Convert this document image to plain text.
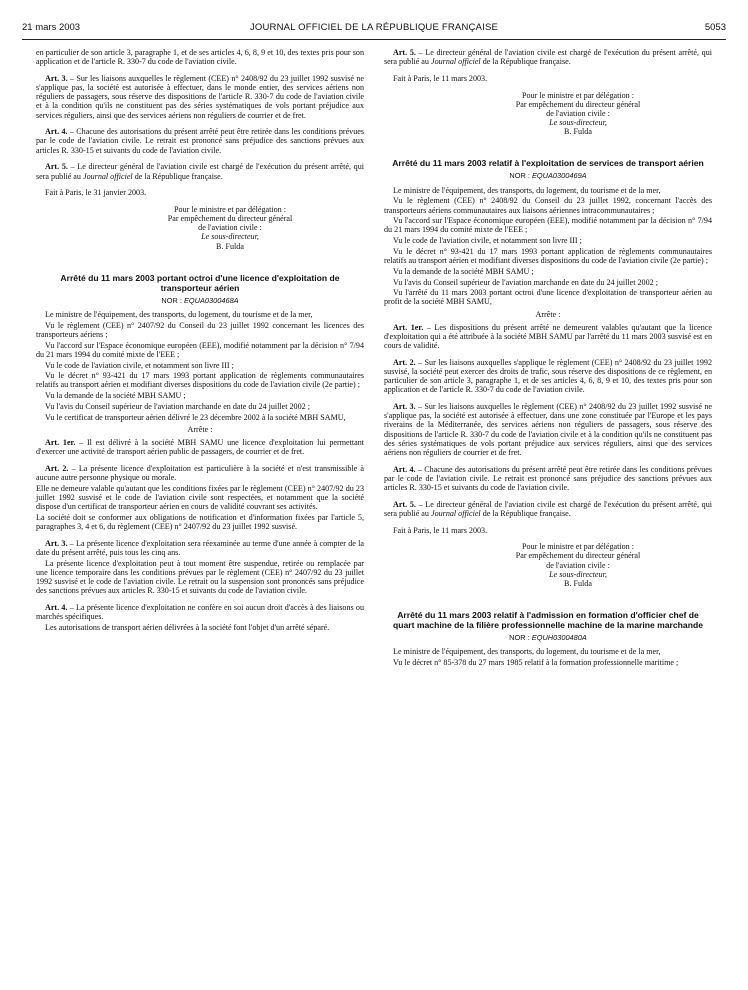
21 mars 2003	JOURNAL OFFICIEL DE LA RÉPUBLIQUE FRANÇAISE	5053

en particulier de son article 3, paragraphe 1, et de ses articles 4, 6, 8, 9 et 10, des textes pris pour son application et de l'article R. 330-7 du code de l'aviation civile.

Art. 3. – Sur les liaisons auxquelles le règlement (CEE) n° 2408/92 du 23 juillet 1992 susvisé ne s'applique pas, la société est autorisée à effectuer, dans le monde entier, des services aériens non réguliers de passagers, sous réserve des dispositions de l'article R. 330-7 du code de l'aviation civile et à la condition qu'ils ne constituent pas des séries systématiques de vols portant préjudice aux services réguliers, ainsi que des services aériens non réguliers de courrier et de fret.

Art. 4. – Chacune des autorisations du présent arrêté peut être retirée dans les conditions prévues par le code de l'aviation civile. Le retrait est prononcé sans préjudice des sanctions prévues aux articles R. 330-15 et suivants du code de l'aviation civile.

Art. 5. – Le directeur général de l'aviation civile est chargé de l'exécution du présent arrêté, qui sera publié au Journal officiel de la République française.

Fait à Paris, le 31 janvier 2003.

Pour le ministre et par délégation :
Par empêchement du directeur général
de l'aviation civile :
Le sous-directeur,
B. Fulda
Arrêté du 11 mars 2003 portant octroi d'une licence d'exploitation de transporteur aérien
NOR : EQUA0300468A

Le ministre de l'équipement, des transports, du logement, du tourisme et de la mer,

Vu le règlement (CEE) n° 2407/92 du Conseil du 23 juillet 1992 concernant les licences des transporteurs aériens ;

Vu l'accord sur l'Espace économique européen (EEE), modifié notamment par la décision n° 7/94 du 21 mars 1994 du comité mixte de l'EEE ;

Vu le code de l'aviation civile, et notamment son livre III ;

Vu le décret n° 93-421 du 17 mars 1993 portant application de règlements communautaires relatifs au transport aérien et modifiant diverses dispositions du code de l'aviation civile (2e partie) ;

Vu la demande de la société MBH SAMU ;

Vu l'avis du Conseil supérieur de l'aviation marchande en date du 24 juillet 2002 ;

Vu le certificat de transporteur aérien délivré le 23 décembre 2002 à la société MBH SAMU,

Arrête :

Art. 1er. – Il est délivré à la société MBH SAMU une licence d'exploitation lui permettant d'exercer une activité de transport aérien public de passagers, de courrier et de fret.

Art. 2. – La présente licence d'exploitation est particulière à la société et n'est transmissible à aucune autre personne physique ou morale.

Elle ne demeure valable qu'autant que les conditions fixées par le règlement (CEE) n° 2407/92 du 23 juillet 1992 susvisé et le code de l'aviation civile sont respectées, et notamment que la société dispose d'un certificat de transporteur aérien en cours de validité couvrant ses activités.

La société doit se conformer aux obligations de notification et d'information fixées par l'article 5, paragraphes 3, 4 et 6, du règlement (CEE) n° 2407/92 du 23 juillet 1992 susvisé.

Art. 3. – La présente licence d'exploitation sera réexaminée au terme d'une année à compter de la date du présent arrêté, puis tous les cinq ans.

La présente licence d'exploitation peut à tout moment être suspendue, retirée ou remplacée par une licence temporaire dans les conditions prévues par le règlement (CEE) n° 2407/92 du 23 juillet 1992 susvisé et le code de l'aviation civile. Le retrait ou la suspension sont prononcés sans préjudice des sanctions prévues aux articles R. 330-15 et suivants du code de l'aviation civile.

Art. 4. – La présente licence d'exploitation ne confère en soi aucun droit d'accès à des liaisons ou marchés spécifiques.

Les autorisations de transport aérien délivrées à la société font l'objet d'un arrêté séparé.

Art. 5. – Le directeur général de l'aviation civile est chargé de l'exécution du présent arrêté, qui sera publié au Journal officiel de la République française.

Fait à Paris, le 11 mars 2003.

Pour le ministre et par délégation :
Par empêchement du directeur général
de l'aviation civile :
Le sous-directeur,
B. Fulda
Arrêté du 11 mars 2003 relatif à l'exploitation de services de transport aérien
NOR : EQUA0300469A

Le ministre de l'équipement, des transports, du logement, du tourisme et de la mer,

Vu le règlement (CEE) n° 2408/92 du Conseil du 23 juillet 1992, concernant l'accès des transporteurs aériens communautaires aux liaisons aériennes intracommunautaires ;

Vu l'accord sur l'Espace économique européen (EEE), modifié notamment par la décision n° 7/94 du 21 mars 1994 du comité mixte de l'EEE ;

Vu le code de l'aviation civile, et notamment son livre III ;

Vu le décret n° 93-421 du 17 mars 1993 portant application de règlements communautaires relatifs au transport aérien et modifiant diverses dispositions du code de l'aviation civile (2e partie) ;

Vu la demande de la société MBH SAMU ;

Vu l'avis du Conseil supérieur de l'aviation marchande en date du 24 juillet 2002 ;

Vu l'arrêté du 11 mars 2003 portant octroi d'une licence d'exploitation de transporteur aérien au profit de la société MBH SAMU,

Arrête :

Art. 1er. – Les dispositions du présent arrêté ne demeurent valables qu'autant que la licence d'exploitation qui a été attribuée à la société MBH SAMU par l'arrêté du 11 mars 2003 susvisé est en cours de validité.

Art. 2. – Sur les liaisons auxquelles s'applique le règlement (CEE) n° 2408/92 du 23 juillet 1992 susvisé, la société peut exercer des droits de trafic, sous réserve des dispositions de ce règlement, en particulier de son article 3, paragraphe 1, et de ses articles 4, 6, 8, 9 et 10, des textes pris pour son application et de l'article R. 330-7 du code de l'aviation civile.

Art. 3. – Sur les liaisons auxquelles le règlement (CEE) n° 2408/92 du 23 juillet 1992 susvisé ne s'applique pas, la société est autorisée à effectuer, dans une zone constituée par l'Europe et les pays riverains de la Méditerranée, des services aériens non réguliers de passagers, sous réserve des dispositions de l'article R. 330-7 du code de l'aviation civile et à la condition qu'ils ne constituent pas des séries systématiques de vols portant préjudice aux services réguliers, ainsi que des services aériens non réguliers de courrier et de fret.

Art. 4. – Chacune des autorisations du présent arrêté peut être retirée dans les conditions prévues par le code de l'aviation civile. Le retrait est prononcé sans préjudice des sanctions prévues aux articles R. 330-15 et suivants du code de l'aviation civile.

Art. 5. – Le directeur général de l'aviation civile est chargé de l'exécution du présent arrêté, qui sera publié au Journal officiel de la République française.

Fait à Paris, le 11 mars 2003.

Pour le ministre et par délégation :
Par empêchement du directeur général
de l'aviation civile :
Le sous-directeur,
B. Fulda
Arrêté du 11 mars 2003 relatif à l'admission en formation d'officier chef de quart machine de la filière professionnelle machine de la marine marchande
NOR : EQUH0300480A

Le ministre de l'équipement, des transports, du logement, du tourisme et de la mer,

Vu le décret n° 85-378 du 27 mars 1985 relatif à la formation professionnelle maritime ;
